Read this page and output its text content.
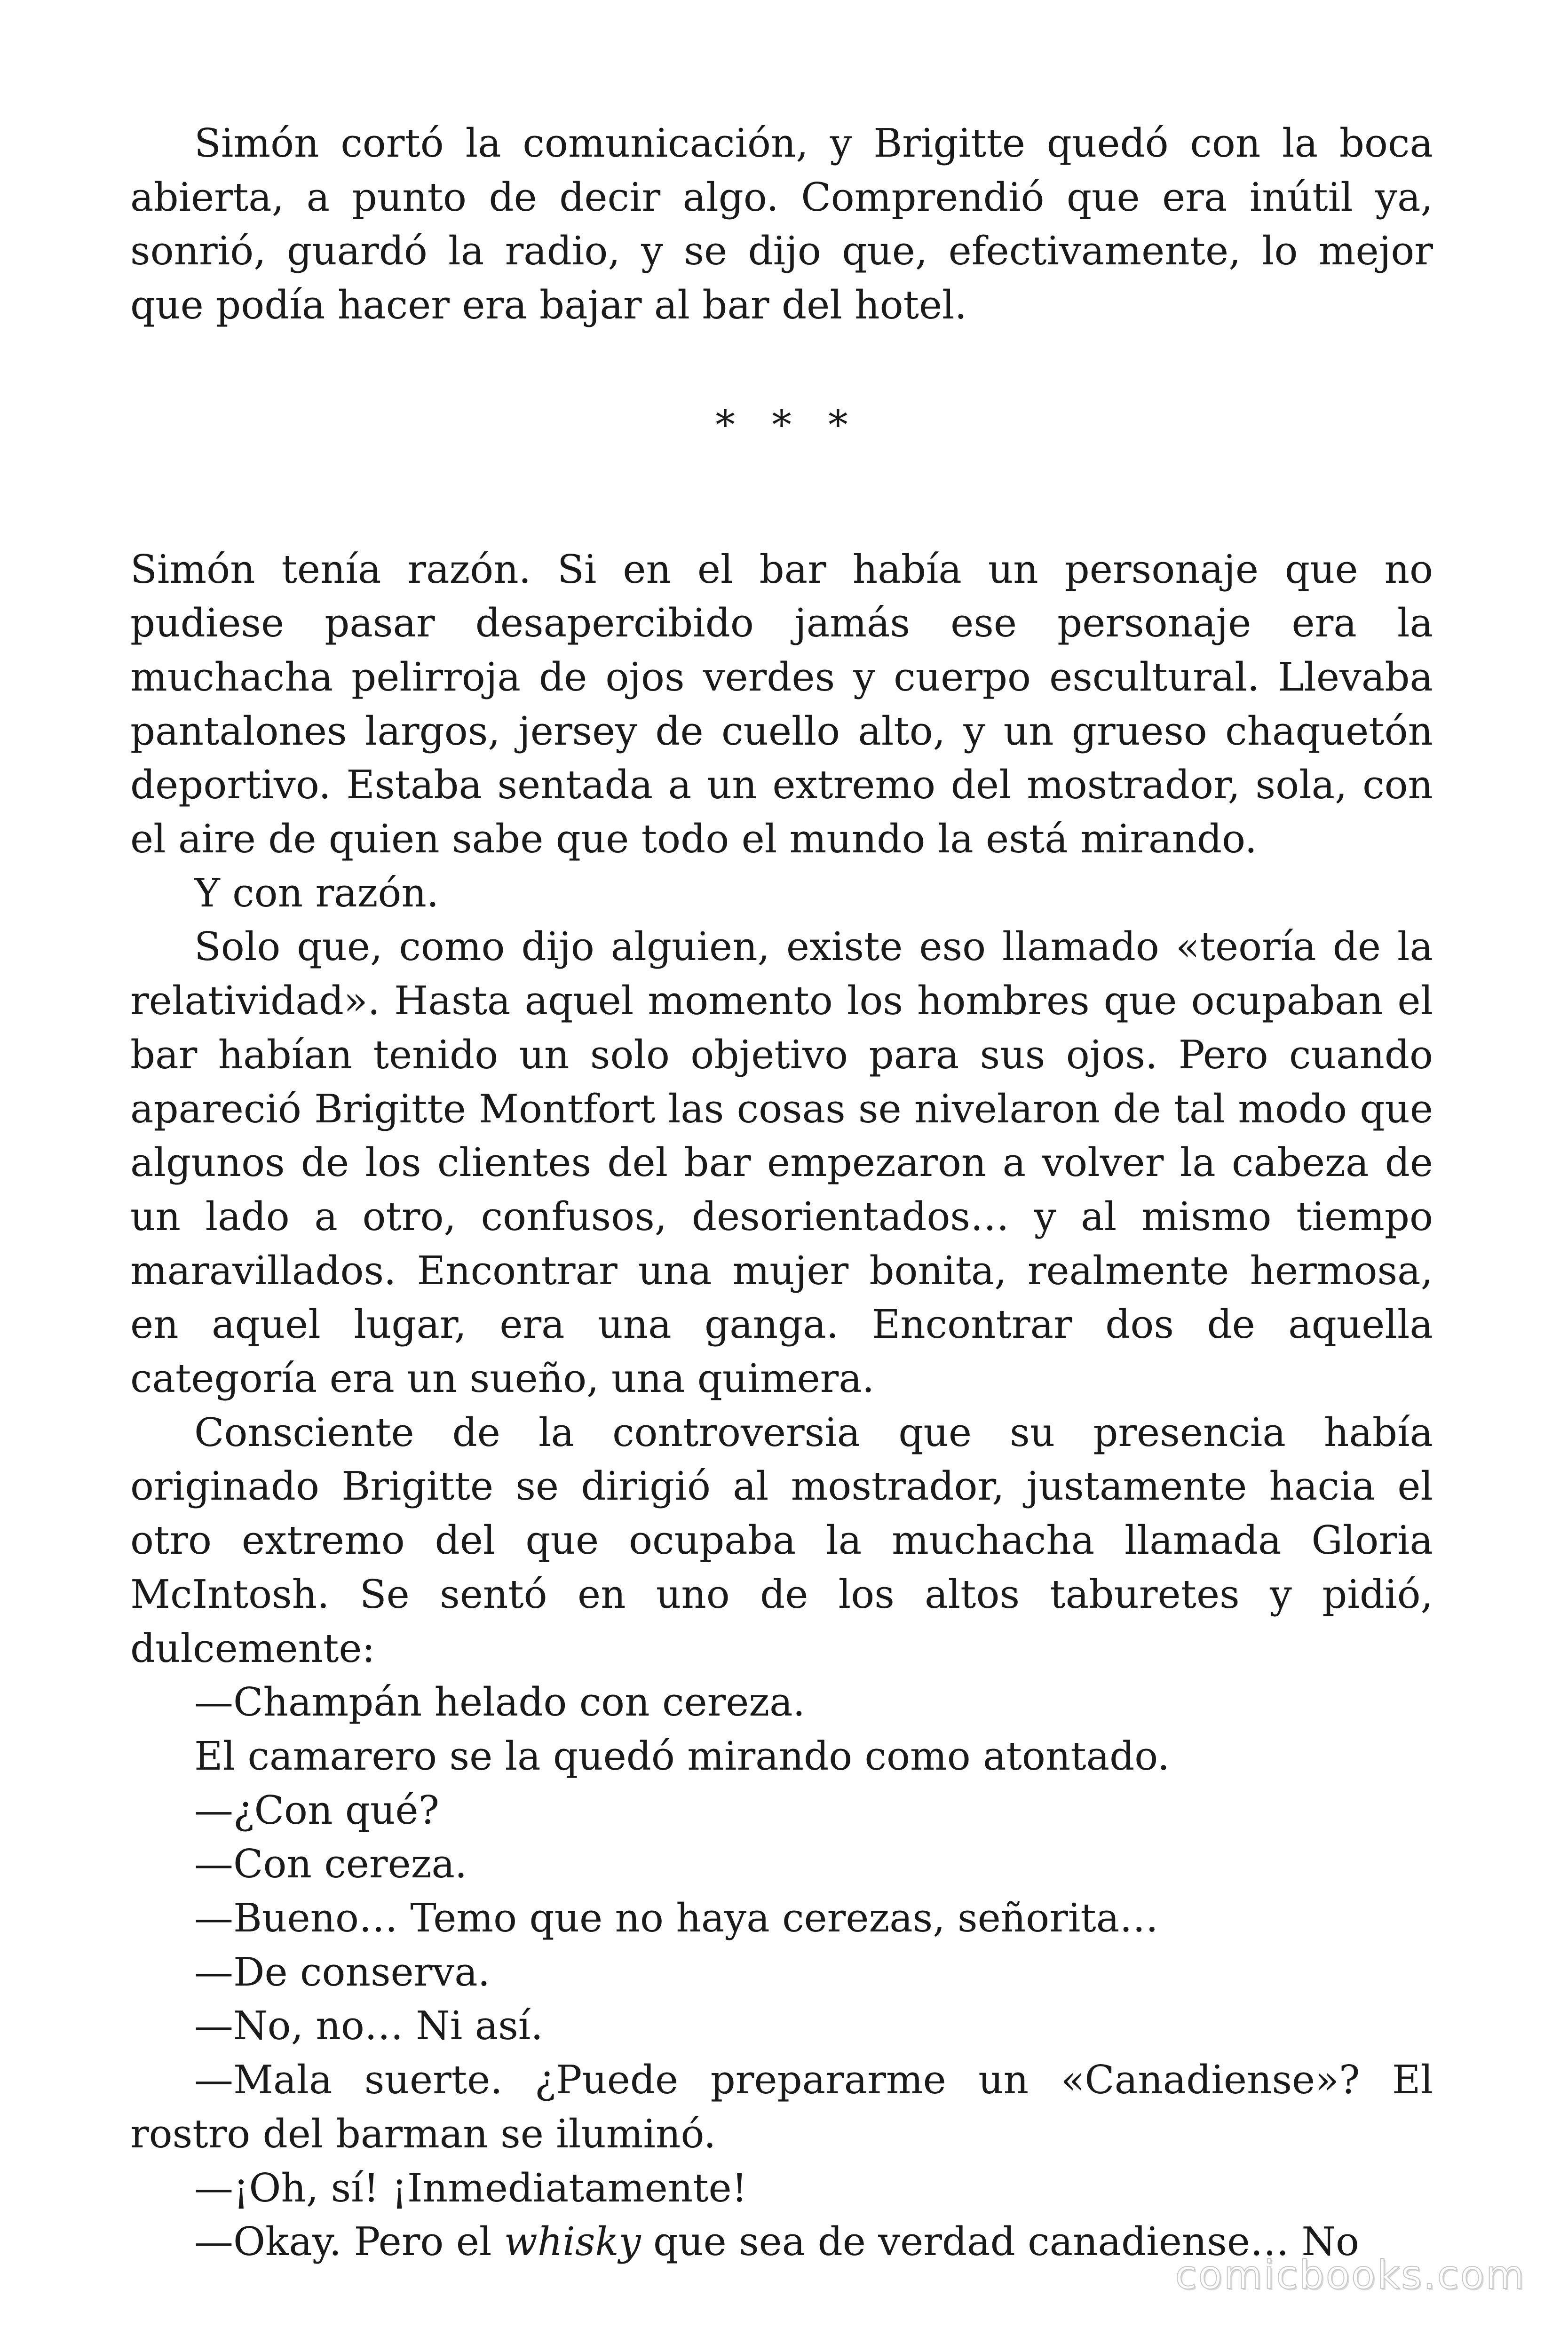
Simón cortó la comunicación, y Brigitte quedó con la boca abierta, a punto de decir algo. Comprendió que era inútil ya, sonrió, guardó la radio, y se dijo que, efectivamente, lo mejor que podía hacer era bajar al bar del hotel.

* * *

Simón tenía razón. Si en el bar había un personaje que no pudiese pasar desapercibido jamás ese personaje era la muchacha pelirroja de ojos verdes y cuerpo escultural. Llevaba pantalones largos, jersey de cuello alto, y un grueso chaquetón deportivo. Estaba sentada a un extremo del mostrador, sola, con el aire de quien sabe que todo el mundo la está mirando.

Y con razón.

Solo que, como dijo alguien, existe eso llamado «teoría de la relatividad». Hasta aquel momento los hombres que ocupaban el bar habían tenido un solo objetivo para sus ojos. Pero cuando apareció Brigitte Montfort las cosas se nivelaron de tal modo que algunos de los clientes del bar empezaron a volver la cabeza de un lado a otro, confusos, desorientados… y al mismo tiempo maravillados. Encontrar una mujer bonita, realmente hermosa, en aquel lugar, era una ganga. Encontrar dos de aquella categoría era un sueño, una quimera.

Consciente de la controversia que su presencia había originado Brigitte se dirigió al mostrador, justamente hacia el otro extremo del que ocupaba la muchacha llamada Gloria McIntosh. Se sentó en uno de los altos taburetes y pidió, dulcemente:

—Champán helado con cereza.

El camarero se la quedó mirando como atontado.

—¿Con qué?

—Con cereza.

—Bueno… Temo que no haya cerezas, señorita…

—De conserva.

—No, no… Ni así.

—Mala suerte. ¿Puede prepararme un «Canadiense»? El rostro del barman se iluminó.

—¡Oh, sí! ¡Inmediatamente!

—Okay. Pero el whisky que sea de verdad canadiense… No

comicbooks.com
